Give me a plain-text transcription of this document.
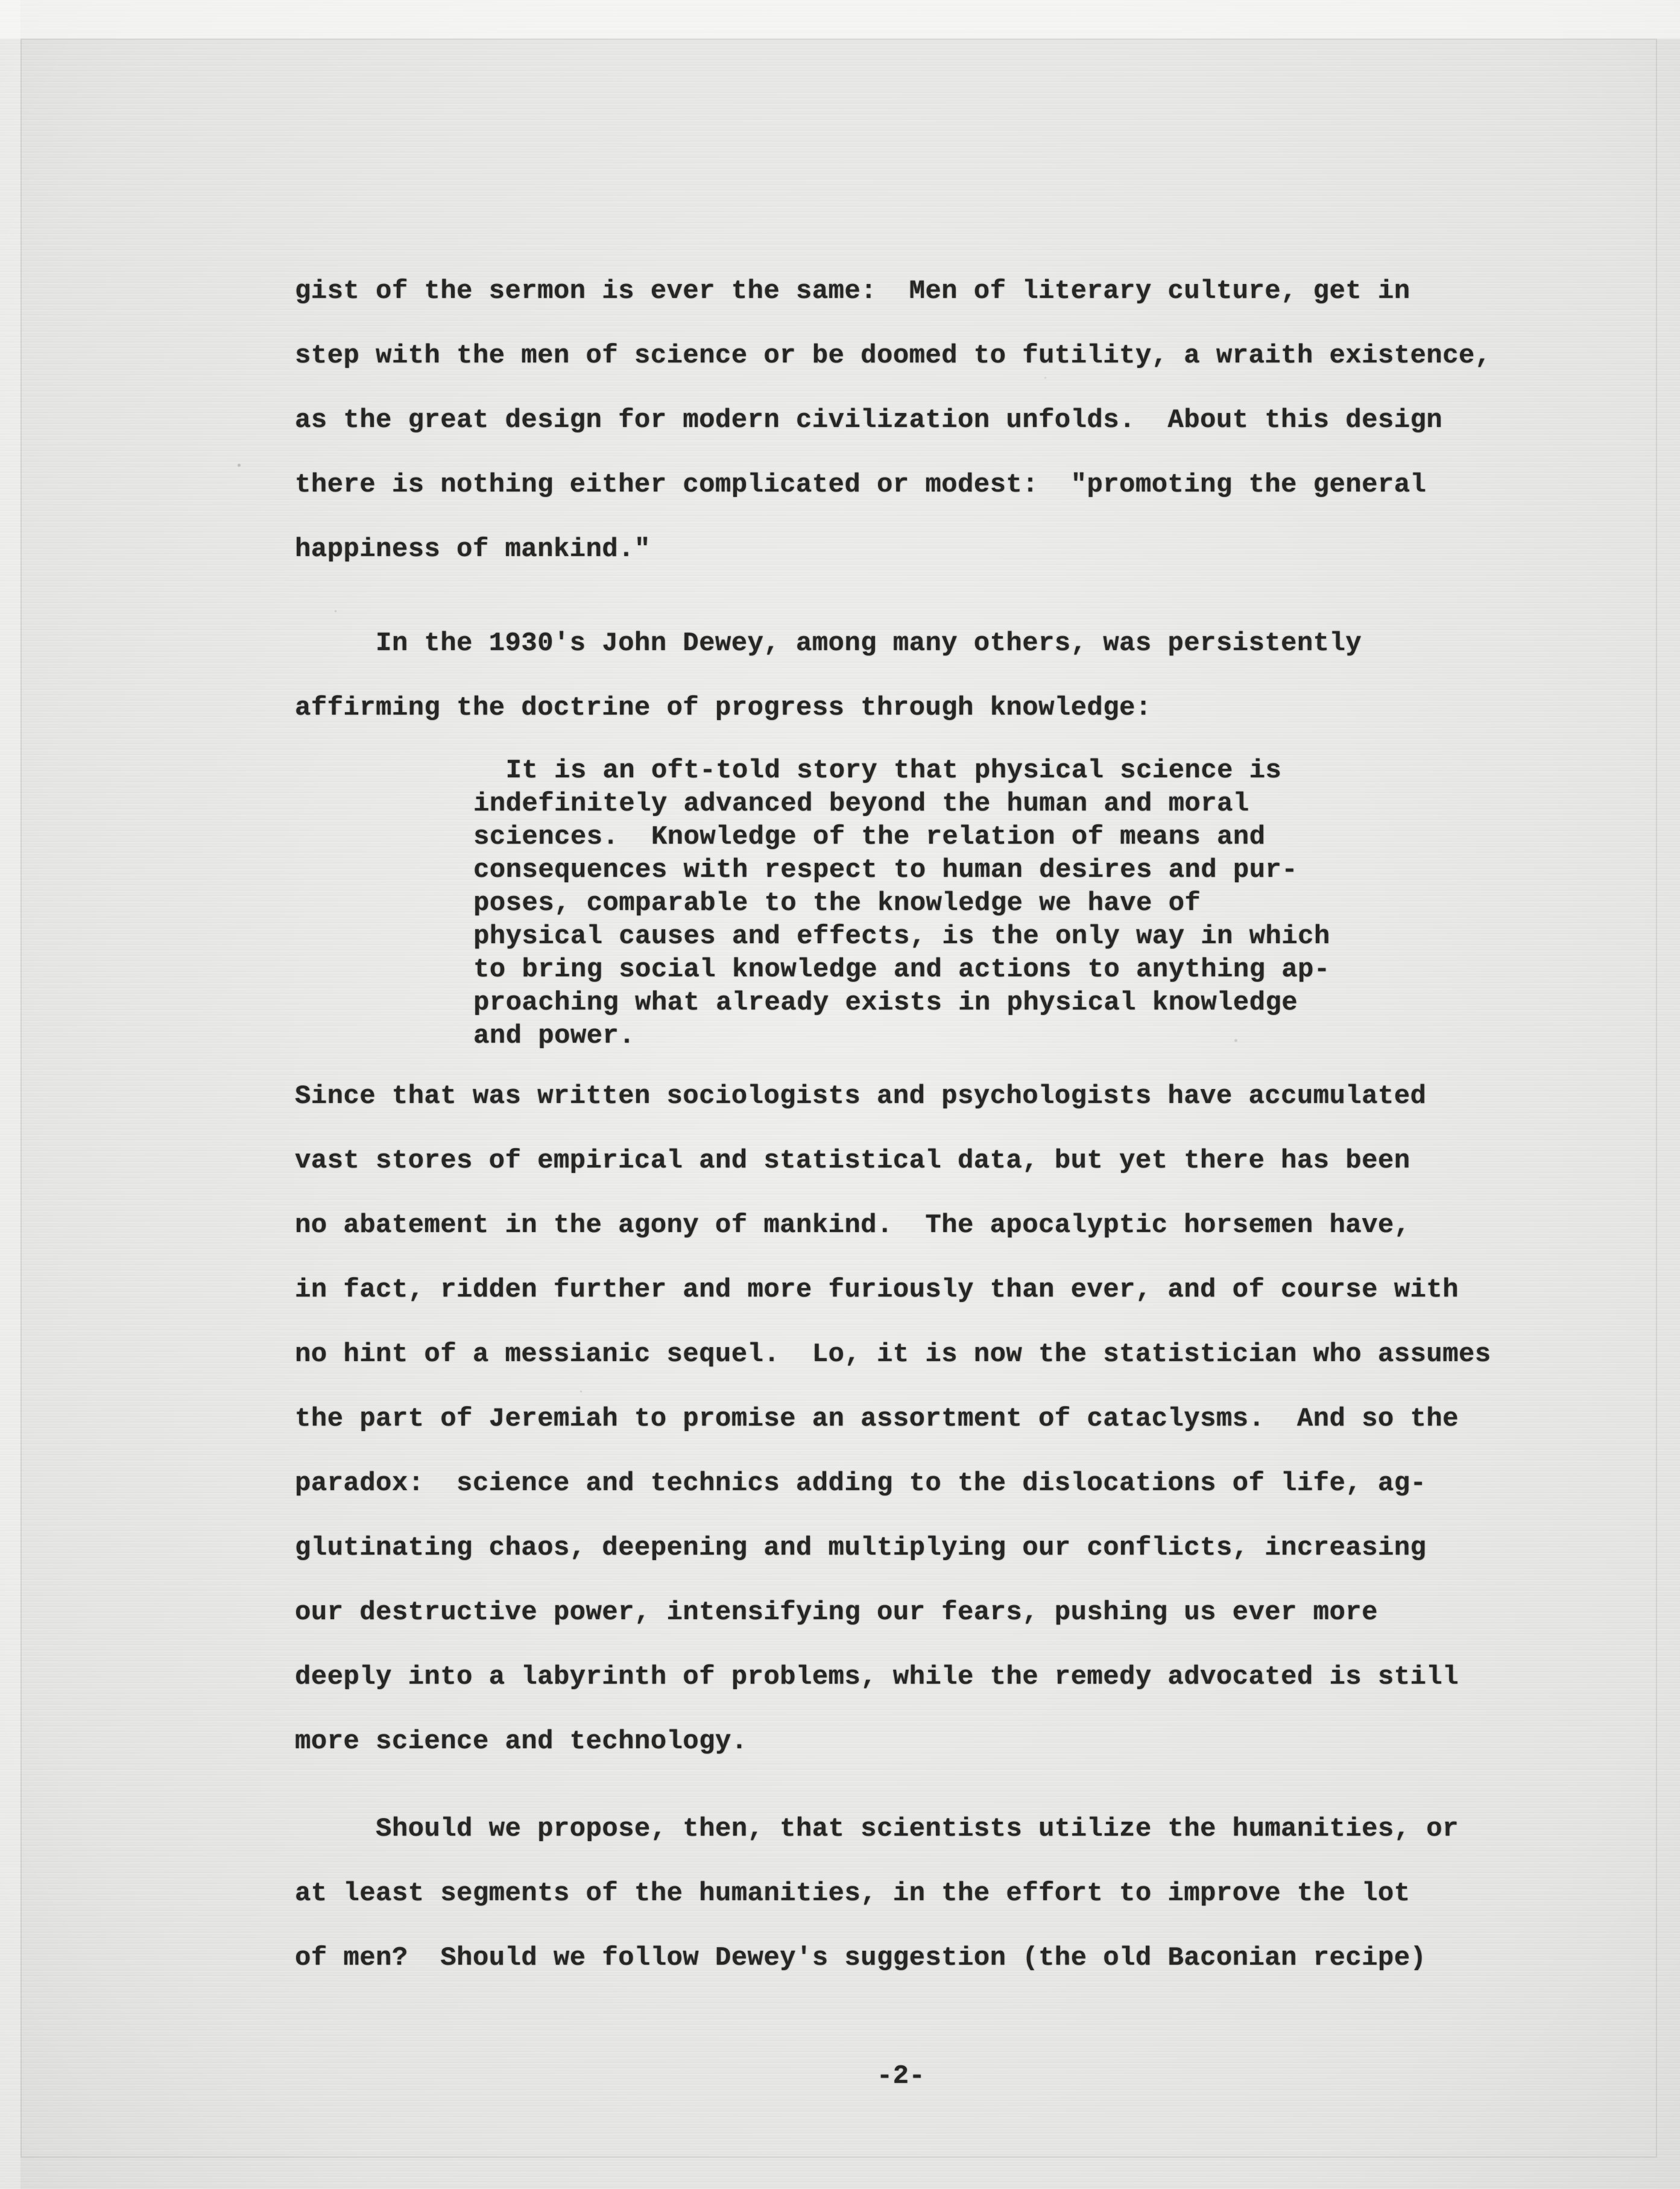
gist of the sermon is ever the same:  Men of literary culture, get in
step with the men of science or be doomed to futility, a wraith existence,
as the great design for modern civilization unfolds.  About this design
there is nothing either complicated or modest:  "promoting the general
happiness of mankind."
In the 1930's John Dewey, among many others, was persistently
affirming the doctrine of progress through knowledge:
It is an oft-told story that physical science is
indefinitely advanced beyond the human and moral
sciences.  Knowledge of the relation of means and
consequences with respect to human desires and pur-
poses, comparable to the knowledge we have of
physical causes and effects, is the only way in which
to bring social knowledge and actions to anything ap-
proaching what already exists in physical knowledge
and power.
Since that was written sociologists and psychologists have accumulated
vast stores of empirical and statistical data, but yet there has been
no abatement in the agony of mankind.  The apocalyptic horsemen have,
in fact, ridden further and more furiously than ever, and of course with
no hint of a messianic sequel.  Lo, it is now the statistician who assumes
the part of Jeremiah to promise an assortment of cataclysms.  And so the
paradox:  science and technics adding to the dislocations of life, ag-
glutinating chaos, deepening and multiplying our conflicts, increasing
our destructive power, intensifying our fears, pushing us ever more
deeply into a labyrinth of problems, while the remedy advocated is still
more science and technology.
Should we propose, then, that scientists utilize the humanities, or
at least segments of the humanities, in the effort to improve the lot
of men?  Should we follow Dewey's suggestion (the old Baconian recipe)
-2-
